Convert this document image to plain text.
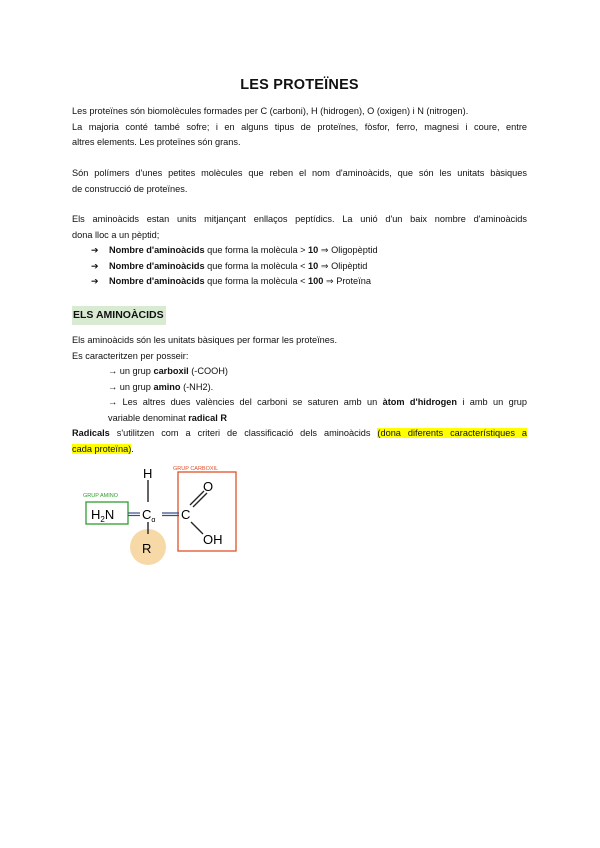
LES PROTEÏNES
Les proteïnes són biomolècules formades per C (carboni), H (hidrogen), O (oxigen) i N (nitrogen).
La majoria conté també sofre; i en alguns tipus de proteïnes, fòsfor, ferro, magnesi i coure, entre
altres elements. Les proteïnes són grans.
Són polímers d'unes petites molècules que reben el nom d'aminoàcids, que són les unitats bàsiques
de construcció de proteïnes.
Els aminoàcids estan units mitjançant enllaços peptídics. La unió d'un baix nombre d'aminoàcids
dona lloc a un pèptid;
➔ Nombre d'aminoàcids que forma la molècula > 10 ⇒ Oligopèptid
➔ Nombre d'aminoàcids que forma la molècula < 10 ⇒ Olipèptid
➔ Nombre d'aminoàcids que forma la molècula < 100 ⇒ Proteïna
ELS AMINOÀCIDS
Els aminoàcids són les unitats bàsiques per formar les proteïnes.
Es caracteritzen per posseir:
→ un grup carboxil (-COOH)
→ un grup amino (-NH2).
→ Les altres dues valències del carboni se saturen amb un àtom d'hidrogen i amb un grup
variable denominat radical R
Radicals s'utilitzen com a criteri de classificació dels aminoàcids (dona diferents característiques a
cada proteïna).
GRUP AMINO
GRUP CARBOXIL
H
$H_2N$ $C_\alpha$ C
O
OH
R
